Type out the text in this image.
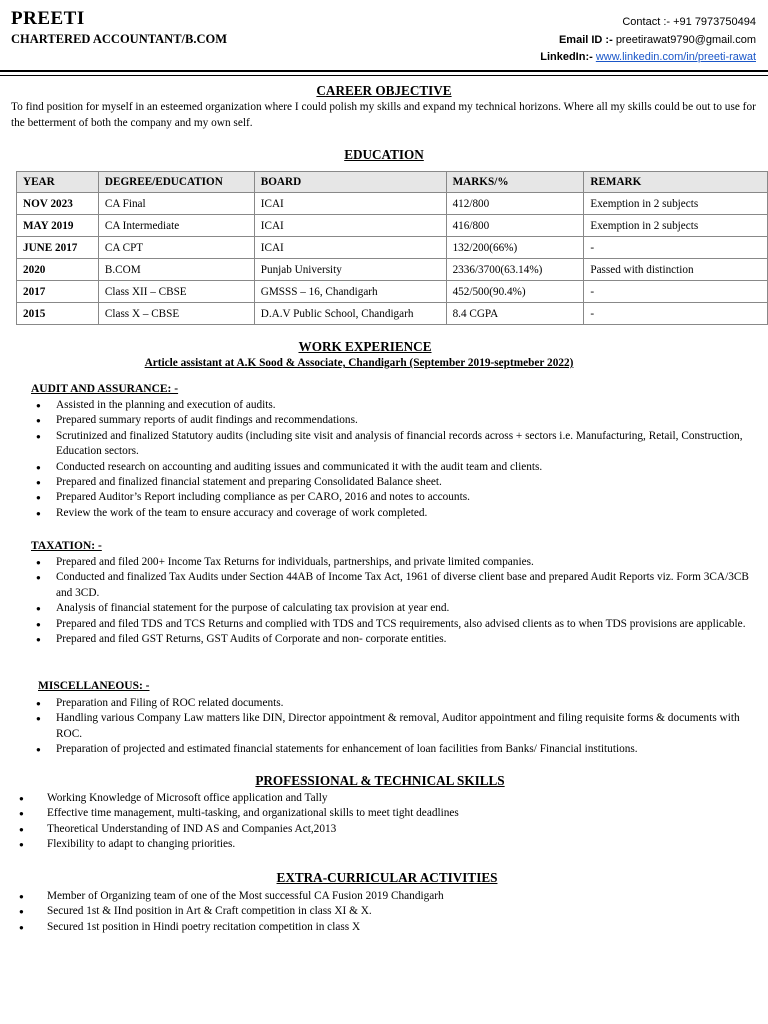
PREETI
CHARTERED ACCOUNTANT/B.COM
Contact :- +91 7973750494
Email ID :- preetirawat9790@gmail.com
LinkedIn:- www.linkedin.com/in/preeti-rawat
CAREER OBJECTIVE
To find position for myself in an esteemed organization where I could polish my skills and expand my technical horizons. Where all my skills could be out to use for the betterment of both the company and my own self.
EDUCATION
YEAR	DEGREE/EDUCATION	BOARD	MARKS/%	REMARK
NOV 2023	CA Final	ICAI	412/800	Exemption in 2 subjects
MAY 2019	CA Intermediate	ICAI	416/800	Exemption in 2 subjects
JUNE 2017	CA CPT	ICAI	132/200(66%)	-
2020	B.COM	Punjab University	2336/3700(63.14%)	Passed with distinction
2017	Class XII – CBSE	GMSSS – 16, Chandigarh	452/500(90.4%)	-
2015	Class X – CBSE	D.A.V Public School, Chandigarh	8.4 CGPA	-
WORK EXPERIENCE
Article assistant at A.K Sood & Associate, Chandigarh (September 2019-septmeber 2022)
AUDIT AND ASSURANCE: -
● Assisted in the planning and execution of audits.
● Prepared summary reports of audit findings and recommendations.
● Scrutinized and finalized Statutory audits (including site visit and analysis of financial records across + sectors i.e. Manufacturing, Retail, Construction, Education sectors.
● Conducted research on accounting and auditing issues and communicated it with the audit team and clients.
● Prepared and finalized financial statement and preparing Consolidated Balance sheet.
● Prepared Auditor’s Report including compliance as per CARO, 2016 and notes to accounts.
● Review the work of the team to ensure accuracy and coverage of work completed.
TAXATION: -
● Prepared and filed 200+ Income Tax Returns for individuals, partnerships, and private limited companies.
● Conducted and finalized Tax Audits under Section 44AB of Income Tax Act, 1961 of diverse client base and prepared Audit Reports viz. Form 3CA/3CB and 3CD.
● Analysis of financial statement for the purpose of calculating tax provision at year end.
● Prepared and filed TDS and TCS Returns and complied with TDS and TCS requirements, also advised clients as to when TDS provisions are applicable.
● Prepared and filed GST Returns, GST Audits of Corporate and non- corporate entities.
MISCELLANEOUS: -
● Preparation and Filing of ROC related documents.
● Handling various Company Law matters like DIN, Director appointment & removal, Auditor appointment and filing requisite forms & documents with ROC.
● Preparation of projected and estimated financial statements for enhancement of loan facilities from Banks/ Financial institutions.
PROFESSIONAL & TECHNICAL SKILLS
● Working Knowledge of Microsoft office application and Tally
● Effective time management, multi-tasking, and organizational skills to meet tight deadlines
● Theoretical Understanding of IND AS and Companies Act,2013
● Flexibility to adapt to changing priorities.
EXTRA-CURRICULAR ACTIVITIES
● Member of Organizing team of one of the Most successful CA Fusion 2019 Chandigarh
● Secured 1st & IInd position in Art & Craft competition in class XI & X.
● Secured 1st position in Hindi poetry recitation competition in class X
